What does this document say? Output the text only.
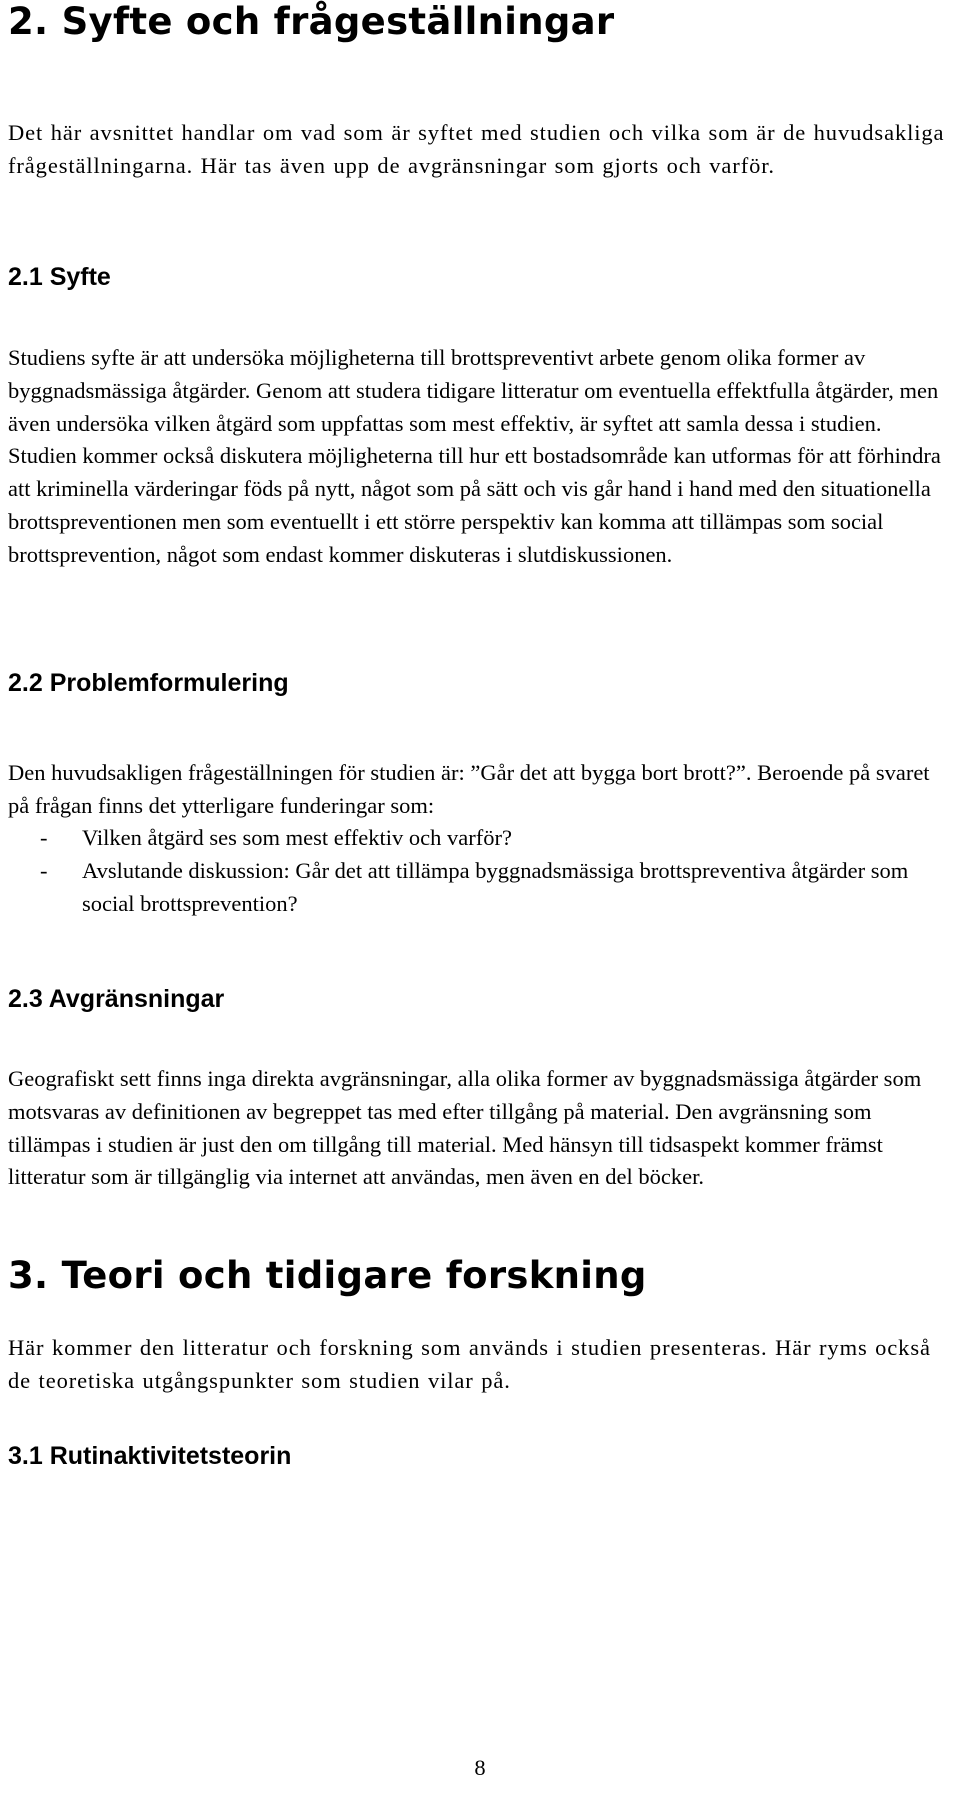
2. Syfte och frågeställningar

Det här avsnittet handlar om vad som är syftet med studien och vilka som är de huvudsakliga frågeställningarna. Här tas även upp de avgränsningar som gjorts och varför.

2.1 Syfte

Studiens syfte är att undersöka möjligheterna till brottspreventivt arbete genom olika former av byggnadsmässiga åtgärder. Genom att studera tidigare litteratur om eventuella effektfulla åtgärder, men även undersöka vilken åtgärd som uppfattas som mest effektiv, är syftet att samla dessa i studien. Studien kommer också diskutera möjligheterna till hur ett bostadsområde kan utformas för att förhindra att kriminella värderingar föds på nytt, något som på sätt och vis går hand i hand med den situationella brottspreventionen men som eventuellt i ett större perspektiv kan komma att tillämpas som social brottsprevention, något som endast kommer diskuteras i slutdiskussionen.

2.2 Problemformulering

Den huvudsakligen frågeställningen för studien är: ”Går det att bygga bort brott?”. Beroende på svaret på frågan finns det ytterligare funderingar som:

- Vilken åtgärd ses som mest effektiv och varför?
- Avslutande diskussion: Går det att tillämpa byggnadsmässiga brottspreventiva åtgärder som social brottsprevention?
2.3 Avgränsningar

Geografiskt sett finns inga direkta avgränsningar, alla olika former av byggnadsmässiga åtgärder som motsvaras av definitionen av begreppet tas med efter tillgång på material. Den avgränsning som tillämpas i studien är just den om tillgång till material. Med hänsyn till tidsaspekt kommer främst litteratur som är tillgänglig via internet att användas, men även en del böcker.

3. Teori och tidigare forskning

Här kommer den litteratur och forskning som används i studien presenteras. Här ryms också de teoretiska utgångspunkter som studien vilar på.

3.1 Rutinaktivitetsteorin
8
